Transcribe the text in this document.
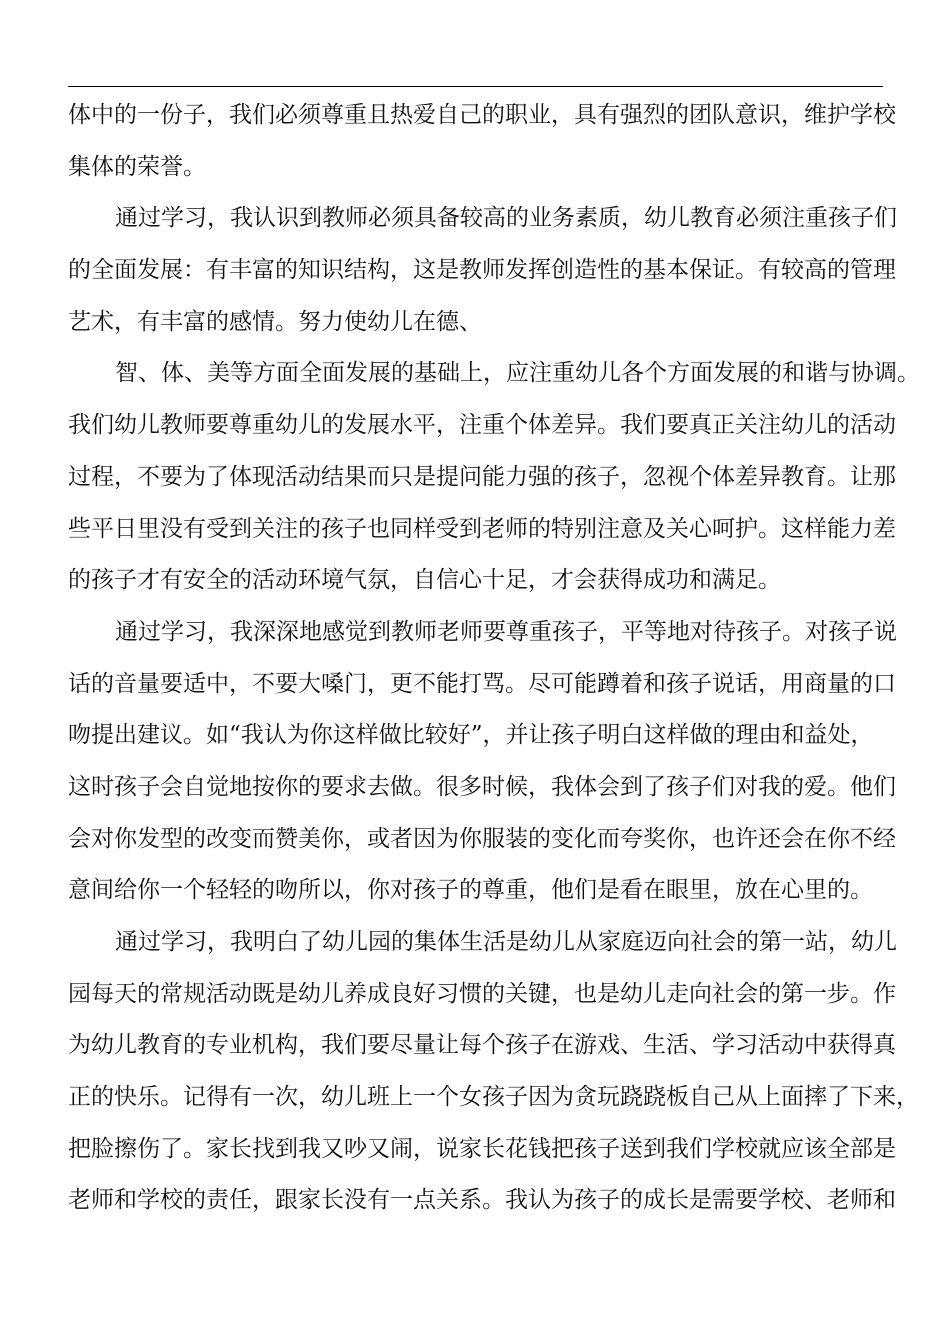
体中的一份子，我们必须尊重且热爱自己的职业，具有强烈的团队意识，维护学校
集体的荣誉。
通过学习，我认识到教师必须具备较高的业务素质，幼儿教育必须注重孩子们
的全面发展：有丰富的知识结构，这是教师发挥创造性的基本保证。有较高的管理
艺术，有丰富的感情。努力使幼儿在德、
智、体、美等方面全面发展的基础上，应注重幼儿各个方面发展的和谐与协调。
我们幼儿教师要尊重幼儿的发展水平，注重个体差异。我们要真正关注幼儿的活动
过程，不要为了体现活动结果而只是提问能力强的孩子，忽视个体差异教育。让那
些平日里没有受到关注的孩子也同样受到老师的特别注意及关心呵护。这样能力差
的孩子才有安全的活动环境气氛，自信心十足，才会获得成功和满足。
通过学习，我深深地感觉到教师老师要尊重孩子，平等地对待孩子。对孩子说
话的音量要适中，不要大嗓门，更不能打骂。尽可能蹲着和孩子说话，用商量的口
吻提出建议。如“我认为你这样做比较好”，并让孩子明白这样做的理由和益处，
这时孩子会自觉地按你的要求去做。很多时候，我体会到了孩子们对我的爱。他们
会对你发型的改变而赞美你，或者因为你服装的变化而夸奖你，也许还会在你不经
意间给你一个轻轻的吻所以，你对孩子的尊重，他们是看在眼里，放在心里的。
通过学习，我明白了幼儿园的集体生活是幼儿从家庭迈向社会的第一站，幼儿
园每天的常规活动既是幼儿养成良好习惯的关键，也是幼儿走向社会的第一步。作
为幼儿教育的专业机构，我们要尽量让每个孩子在游戏、生活、学习活动中获得真
正的快乐。记得有一次，幼儿班上一个女孩子因为贪玩跷跷板自己从上面摔了下来，
把脸擦伤了。家长找到我又吵又闹，说家长花钱把孩子送到我们学校就应该全部是
老师和学校的责任，跟家长没有一点关系。我认为孩子的成长是需要学校、老师和
